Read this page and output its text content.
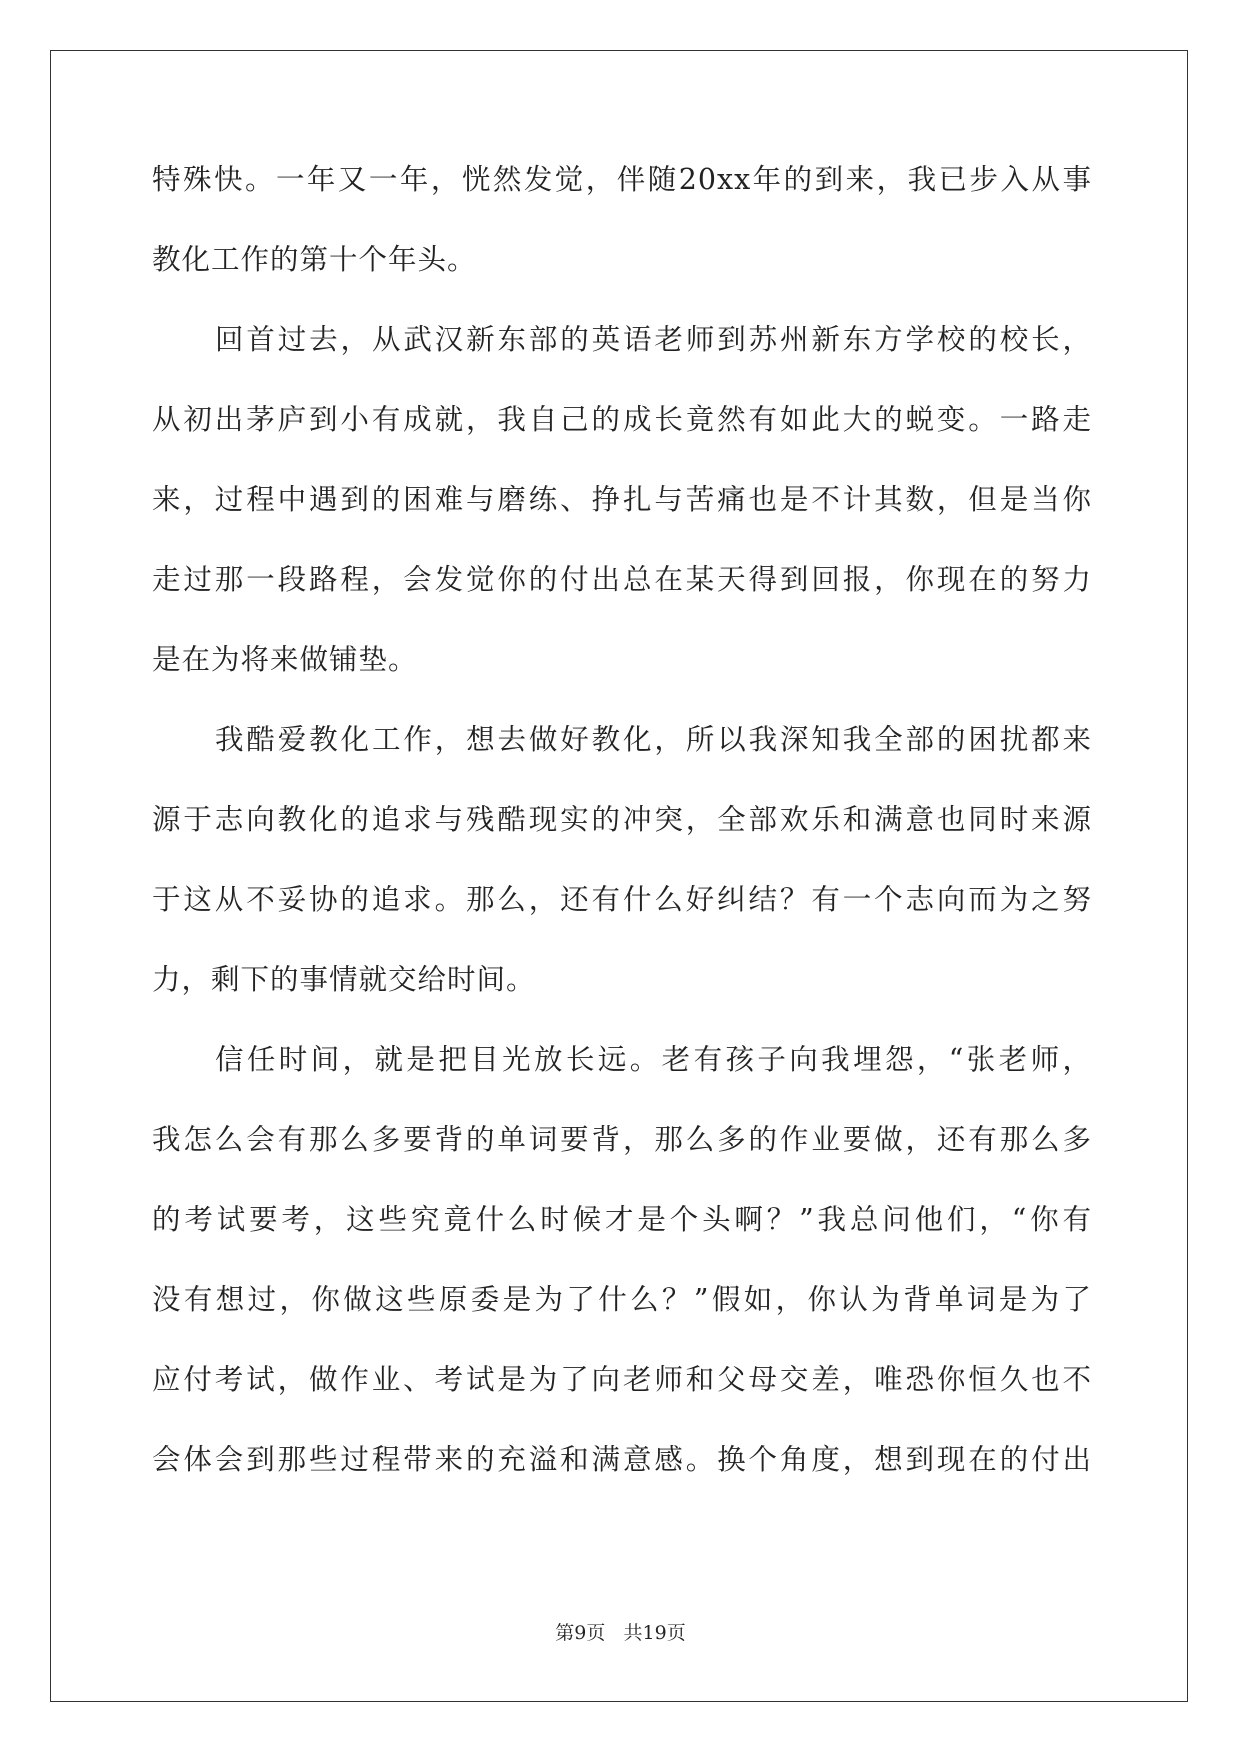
特殊快。一年又一年，恍然发觉，伴随20xx年的到来，我已步入从事
教化工作的第十个年头。
回首过去，从武汉新东部的英语老师到苏州新东方学校的校长，
从初出茅庐到小有成就，我自己的成长竟然有如此大的蜕变。一路走
来，过程中遇到的困难与磨练、挣扎与苦痛也是不计其数，但是当你
走过那一段路程，会发觉你的付出总在某天得到回报，你现在的努力
是在为将来做铺垫。
我酷爱教化工作，想去做好教化，所以我深知我全部的困扰都来
源于志向教化的追求与残酷现实的冲突，全部欢乐和满意也同时来源
于这从不妥协的追求。那么，还有什么好纠结？有一个志向而为之努
力，剩下的事情就交给时间。
信任时间，就是把目光放长远。老有孩子向我埋怨，“张老师，
我怎么会有那么多要背的单词要背，那么多的作业要做，还有那么多
的考试要考，这些究竟什么时候才是个头啊？”我总问他们，“你有
没有想过，你做这些原委是为了什么？”假如，你认为背单词是为了
应付考试，做作业、考试是为了向老师和父母交差，唯恐你恒久也不
会体会到那些过程带来的充溢和满意感。换个角度，想到现在的付出
第9页 共19页
